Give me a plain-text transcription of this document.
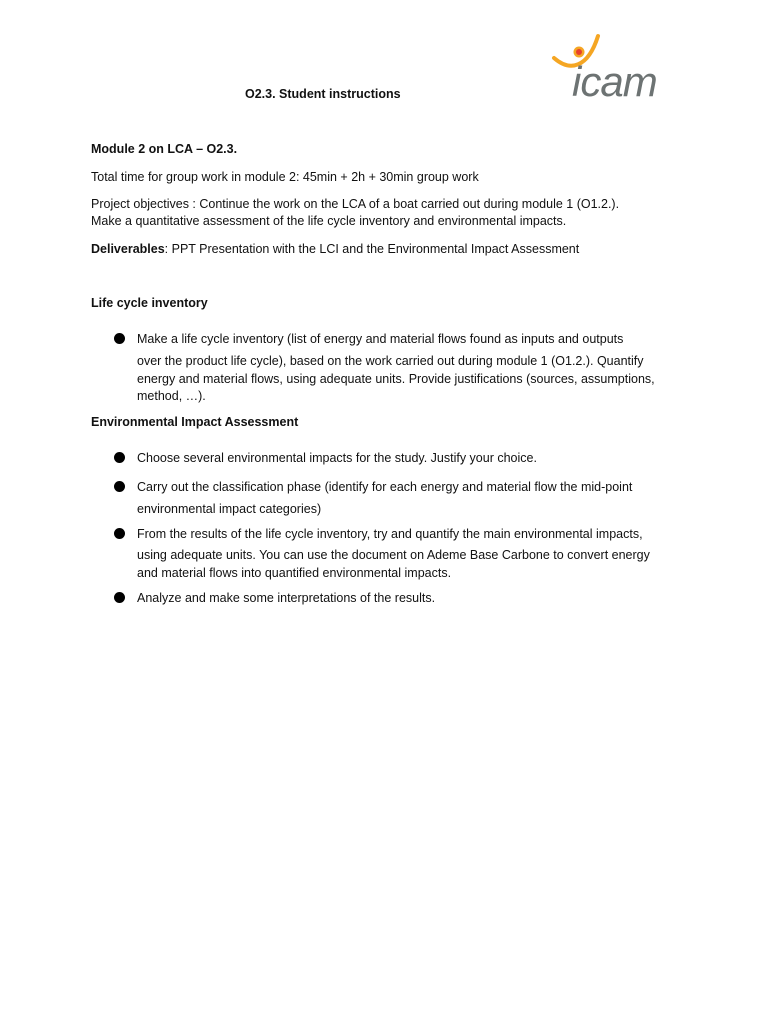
O2.3. Student instructions	icam
Module 2 on LCA – O2.3.
Total time for group work in module 2: 45min + 2h + 30min group work
Project objectives : Continue the work on the LCA of a boat carried out during module 1 (O1.2.).
Make a quantitative assessment of the life cycle inventory and environmental impacts.
Deliverables: PPT Presentation with the LCI and the Environmental Impact Assessment
Life cycle inventory
Make a life cycle inventory (list of energy and material flows found as inputs and outputs
over the product life cycle), based on the work carried out during module 1 (O1.2.). Quantify
energy and material flows, using adequate units. Provide justifications (sources, assumptions,
method, …).
Environmental Impact Assessment
Choose several environmental impacts for the study. Justify your choice.
Carry out the classification phase (identify for each energy and material flow the mid-point
environmental impact categories)
From the results of the life cycle inventory, try and quantify the main environmental impacts,
using adequate units. You can use the document on Ademe Base Carbone to convert energy
and material flows into quantified environmental impacts.
Analyze and make some interpretations of the results.
